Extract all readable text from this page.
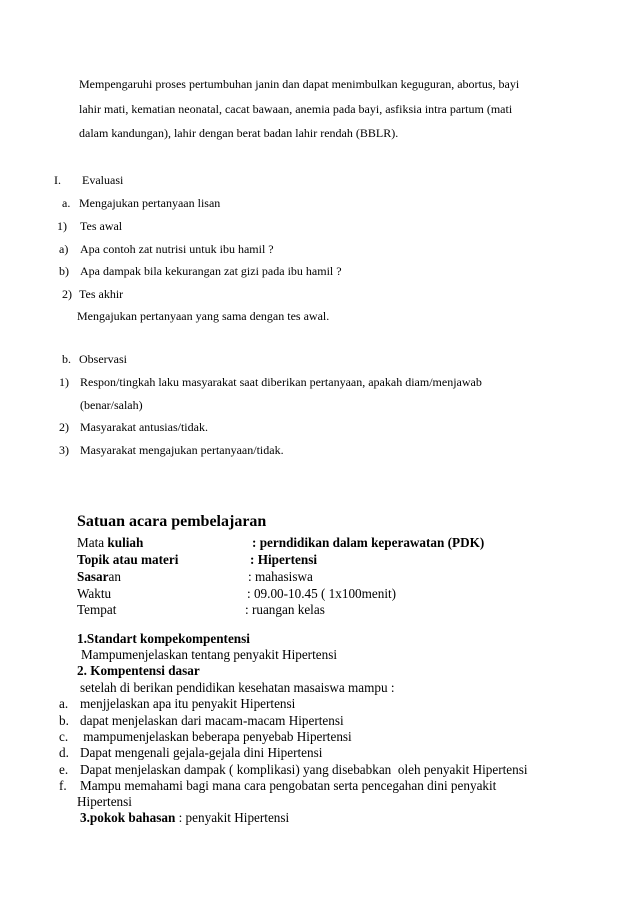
Mempengaruhi proses pertumbuhan janin dan dapat menimbulkan keguguran, abortus, bayi
lahir mati, kematian neonatal, cacat bawaan, anemia pada bayi, asfiksia intra partum (mati
dalam kandungan), lahir dengan berat badan lahir rendah (BBLR).
I. Evaluasi
a. Mengajukan pertanyaan lisan
1) Tes awal
a) Apa contoh zat nutrisi untuk ibu hamil ?
b) Apa dampak bila kekurangan zat gizi pada ibu hamil ?
2) Tes akhir
Mengajukan pertanyaan yang sama dengan tes awal.
b. Observasi
1) Respon/tingkah laku masyarakat saat diberikan pertanyaan, apakah diam/menjawab
(benar/salah)
2) Masyarakat antusias/tidak.
3) Masyarakat mengajukan pertanyaan/tidak.
Satuan acara pembelajaran
Mata kuliah	: perndidikan dalam keperawatan (PDK)
Topik atau materi	: Hipertensi
Sasaran	: mahasiswa
Waktu	: 09.00-10.45 ( 1x100menit)
Tempat	: ruangan kelas
1.Standart kompekompentensi
Mampumenjelaskan tentang penyakit Hipertensi
2. Kompentensi dasar
setelah di berikan pendidikan kesehatan masaiswa mampu :
a. menjjelaskan apa itu penyakit Hipertensi
b. dapat menjelaskan dari macam-macam Hipertensi
c. mampumenjelaskan beberapa penyebab Hipertensi
d. Dapat mengenali gejala-gejala dini Hipertensi
e. Dapat menjelaskan dampak ( komplikasi) yang disebabkan  oleh penyakit Hipertensi
f. Mampu memahami bagi mana cara pengobatan serta pencegahan dini penyakit
Hipertensi
3.pokok bahasan : penyakit Hipertensi
